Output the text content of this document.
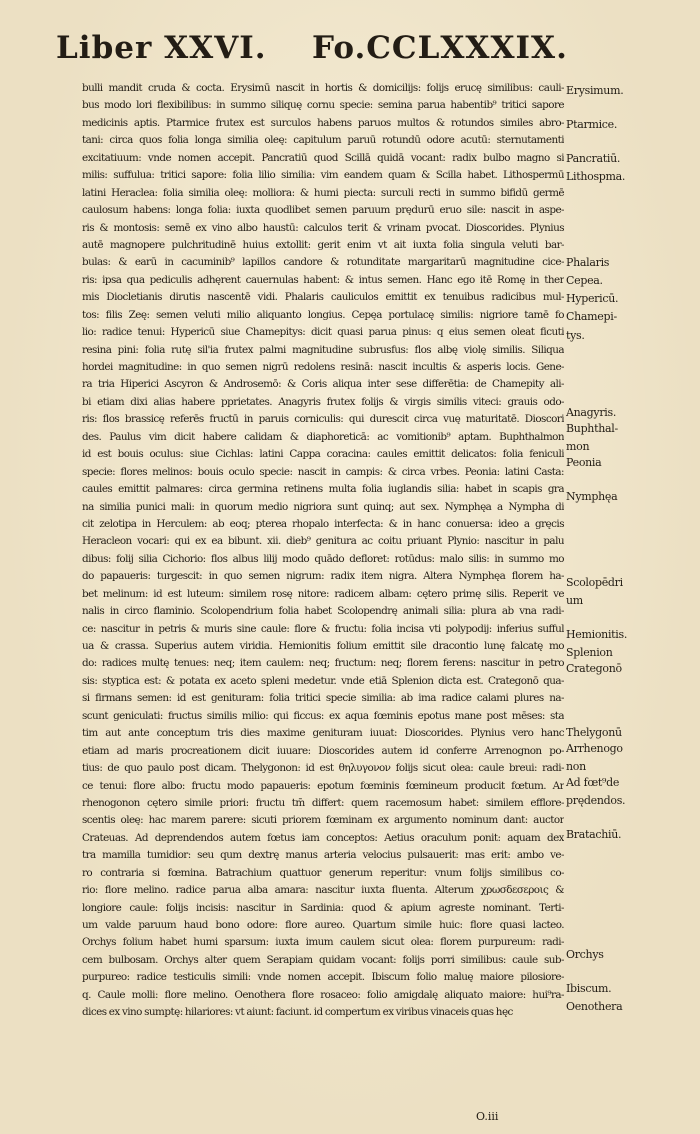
Liber XXVI. Fo.CCLXXXIX.
bulli mandit cruda & cocta. Erysimū nascit in hortis & domicilijs: folijs erucę similibus: cauli-
bus modo lori flexibilibus: in summo siliquę cornu specie: semina parua habentib⁹ tritici sapore
medicinis aptis. Ptarmice frutex est surculos habens paruos multos & rotundos similes abro-
tani: circa quos folia longa similia oleę: capitulum paruū rotundū odore acutū: sternutamenti
excitatiuum: vnde nomen accepit. Pancratiū quod Scillā quidā vocant: radix bulbo magno si
milis: suffulua: tritici sapore: folia lilio similia: vim eandem quam & Scilla habet. Lithospermū
latini Heraclea: folia similia oleę: molliora: & humi piecta: surculi recti in summo bifidū germē
caulosum habens: longa folia: iuxta quodlibet semen paruum prędurū eruo sile: nascit in aspe-
ris & montosis: semē ex vino albo haustū: calculos terit & vrinam pvocat. Dioscorides. Plynius
autē magnopere pulchritudinē huius extollit: gerit enim vt ait iuxta folia singula veluti bar-
bulas: & earū in cacuminib⁹ lapillos candore & rotunditate margaritarū magnitudine cice-
ris: ipsa qua pediculis adhęrent cauernulas habent: & intus semen. Hanc ego itē Romę in ther
mis Diocletianis dirutis nascentē vidi. Phalaris cauliculos emittit ex tenuibus radicibus mul-
tos: filis Zeę: semen veluti milio aliquanto longius. Cepęa portulacę similis: nigriore tamē fo
lio: radice tenui: Hypericū siue Chamepitys: dicit quasi parua pinus: q eius semen oleat ficuti
resina pini: folia rutę sil'ia frutex palmi magnitudine subrusfus: flos albę violę similis. Siliqua
hordei magnitudine: in quo semen nigrū redolens resinā: nascit incultis & asperis locis. Gene-
ra tria Hiperici Ascyron & Androsemō: & Coris aliqua inter sese differētia: de Chamepity ali-
bi etiam dixi alias habere pprietates. Anagyris frutex folijs & virgis similis viteci: grauis odo-
ris: flos brassicę referēs fructū in paruis corniculis: qui durescit circa vuę maturitatē. Dioscori
des. Paulus vim dicit habere calidam & diaphoreticā: ac vomitionib⁹ aptam. Buphthalmon
id est bouis oculus: siue Cichlas: latini Cappa coracina: caules emittit delicatos: folia feniculi
specie: flores melinos: bouis oculo specie: nascit in campis: & circa vrbes. Peonia: latini Casta:
caules emittit palmares: circa germina retinens multa folia iuglandis silia: habet in scapis gra
na similia punici mali: in quorum medio nigriora sunt quinq; aut sex. Nymphęa a Nympha di
cit zelotipa in Herculem: ab eoq; pterea rhopalo interfecta: & in hanc conuersa: ideo a gręcis
Heracleon vocari: qui ex ea bibunt. xii. dieb⁹ genitura ac coitu priuant Plynio: nascitur in palu
dibus: folij silia Cichorio: flos albus lilij modo quādo defloret: rotūdus: malo silis: in summo mo
do papaueris: turgescit: in quo semen nigrum: radix item nigra. Altera Nymphęa florem ha-
bet melinum: id est luteum: similem rosę nitore: radicem albam: cętero primę silis. Reperit ve
nalis in circo flaminio. Scolopendrium folia habet Scolopendrę animali silia: plura ab vna radi-
ce: nascitur in petris & muris sine caule: flore & fructu: folia incisa vti polypodij: inferius sufful
ua & crassa. Superius autem viridia. Hemionitis folium emittit sile dracontio lunę falcatę mo
do: radices multę tenues: neq; item caulem: neq; fructum: neq; florem ferens: nascitur in petro
sis: styptica est: & potata ex aceto spleni medetur. vnde etiā Splenion dicta est. Crategonō qua-
si firmans semen: id est genituram: folia tritici specie similia: ab ima radice calami plures na-
scunt geniculati: fructus similis milio: qui ficcus: ex aqua fœminis epotus mane post mēses: sta
tim aut ante conceptum tris dies maxime genituram iuuat: Dioscorides. Plynius vero hanc
etiam ad maris procreationem dicit iuuare: Dioscorides autem id conferre Arrenognon po-
tius: de quo paulo post dicam. Thelygonon: id est θηλυγονον folijs sicut olea: caule breui: radi-
ce tenui: flore albo: fructu modo papaueris: epotum fœminis fœmineum producit fœtum. Ar
rhenogonon cętero simile priori: fructu tm̄ differt: quem racemosum habet: similem efflore-
scentis oleę: hac marem parere: sicuti priorem fœminam ex argumento nominum dant: auctor
Crateuas. Ad deprendendos autem fœtus iam conceptos: Aetius oraculum ponit: aquam dex
tra mamilla tumidior: seu qum dextrę manus arteria velocius pulsauerit: mas erit: ambo ve-
ro contraria si fœmina. Batrachium quattuor generum reperitur: vnum folijs similibus co-
rio: flore melino. radice parua alba amara: nascitur iuxta fluenta. Alterum χρωσδεσεροις &
longiore caule: folijs incisis: nascitur in Sardinia: quod & apium agreste nominant. Terti-
um valde paruum haud bono odore: flore aureo. Quartum simile huic: flore quasi lacteo.
Orchys folium habet humi sparsum: iuxta imum caulem sicut olea: florem purpureum: radi-
cem bulbosam. Orchys alter quem Serapiam quidam vocant: folijs porri similibus: caule sub-
purpureo: radice testiculis simili: vnde nomen accepit. Ibiscum folio maluę maiore pilosiore-
q. Caule molli: flore melino. Oenothera flore rosaceo: folio amigdalę aliquato maiore: hui⁹ra-
dices ex vino sumptę: hilariores: vt aiunt: faciunt. id compertum ex viribus vinaceis quas hęc
Erysimum.
Ptarmice.
Pancratiū.
Lithospma.
Phalaris
Cepea.
Hypericū.
Chamepi-
tys.
Anagyris.
Buphthal-
mon
Peonia
Nymphęa
Scolopēdri
um
Hemionitis.
Splenion
Crategonō
Thelygonū
Arrhenogo
non
Ad fœt⁹de
prędendos.
Bratachiū.
Orchys
Ibiscum.
Oenothera
O.iii
